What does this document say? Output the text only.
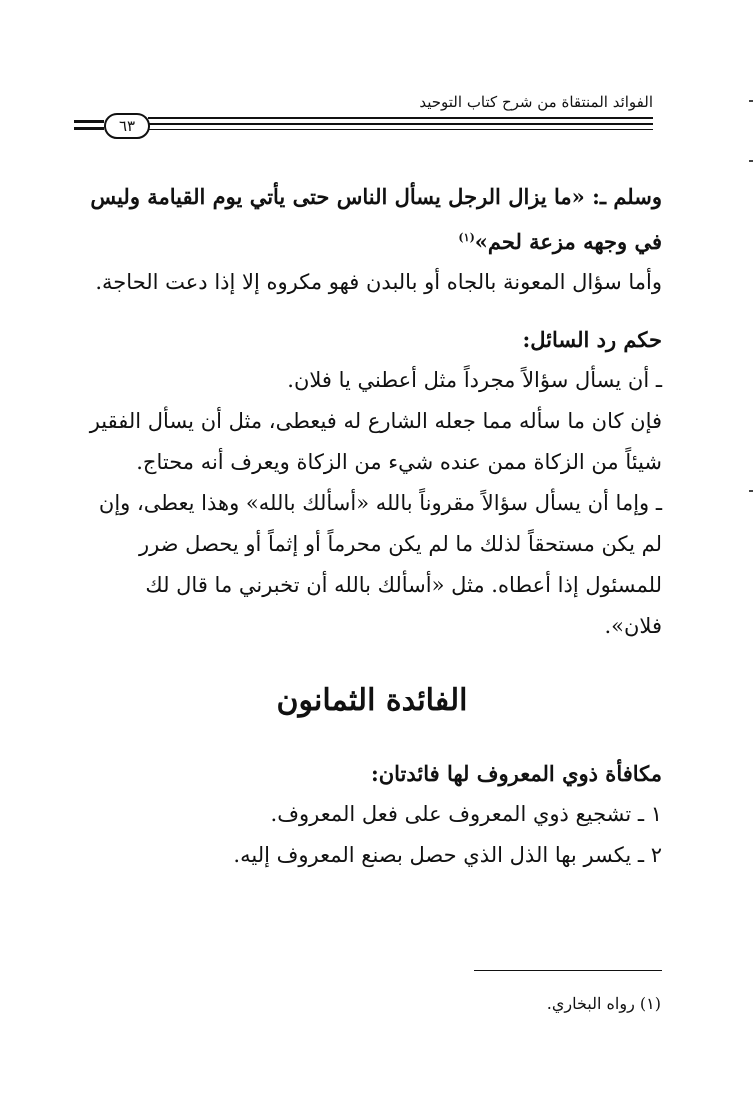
الفوائد المنتقاة من شرح كتاب التوحيد
٦٣

وسلم ـ: «ما يزال الرجل يسأل الناس حتى يأتي يوم القيامة وليس

في وجهه مزعة لحم»$^{(١)}$

وأما سؤال المعونة بالجاه أو بالبدن فهو مكروه إلا إذا دعت الحاجة.

حكم رد السائل:

ـ أن يسأل سؤالاً مجرداً مثل أعطني يا فلان.

فإن كان ما سأله مما جعله الشارع له فيعطى، مثل أن يسأل الفقير شيئاً من الزكاة ممن عنده شيء من الزكاة ويعرف أنه محتاج.

ـ وإما أن يسأل سؤالاً مقروناً بالله «أسألك بالله» وهذا يعطى، وإن لم يكن مستحقاً لذلك ما لم يكن محرماً أو إثماً أو يحصل ضرر للمسئول إذا أعطاه. مثل «أسألك بالله أن تخبرني ما قال لك فلان».

الفائدة الثمانون

مكافأة ذوي المعروف لها فائدتان:

١ ـ تشجيع ذوي المعروف على فعل المعروف.

٢ ـ يكسر بها الذل الذي حصل بصنع المعروف إليه.

(١) رواه البخاري.
